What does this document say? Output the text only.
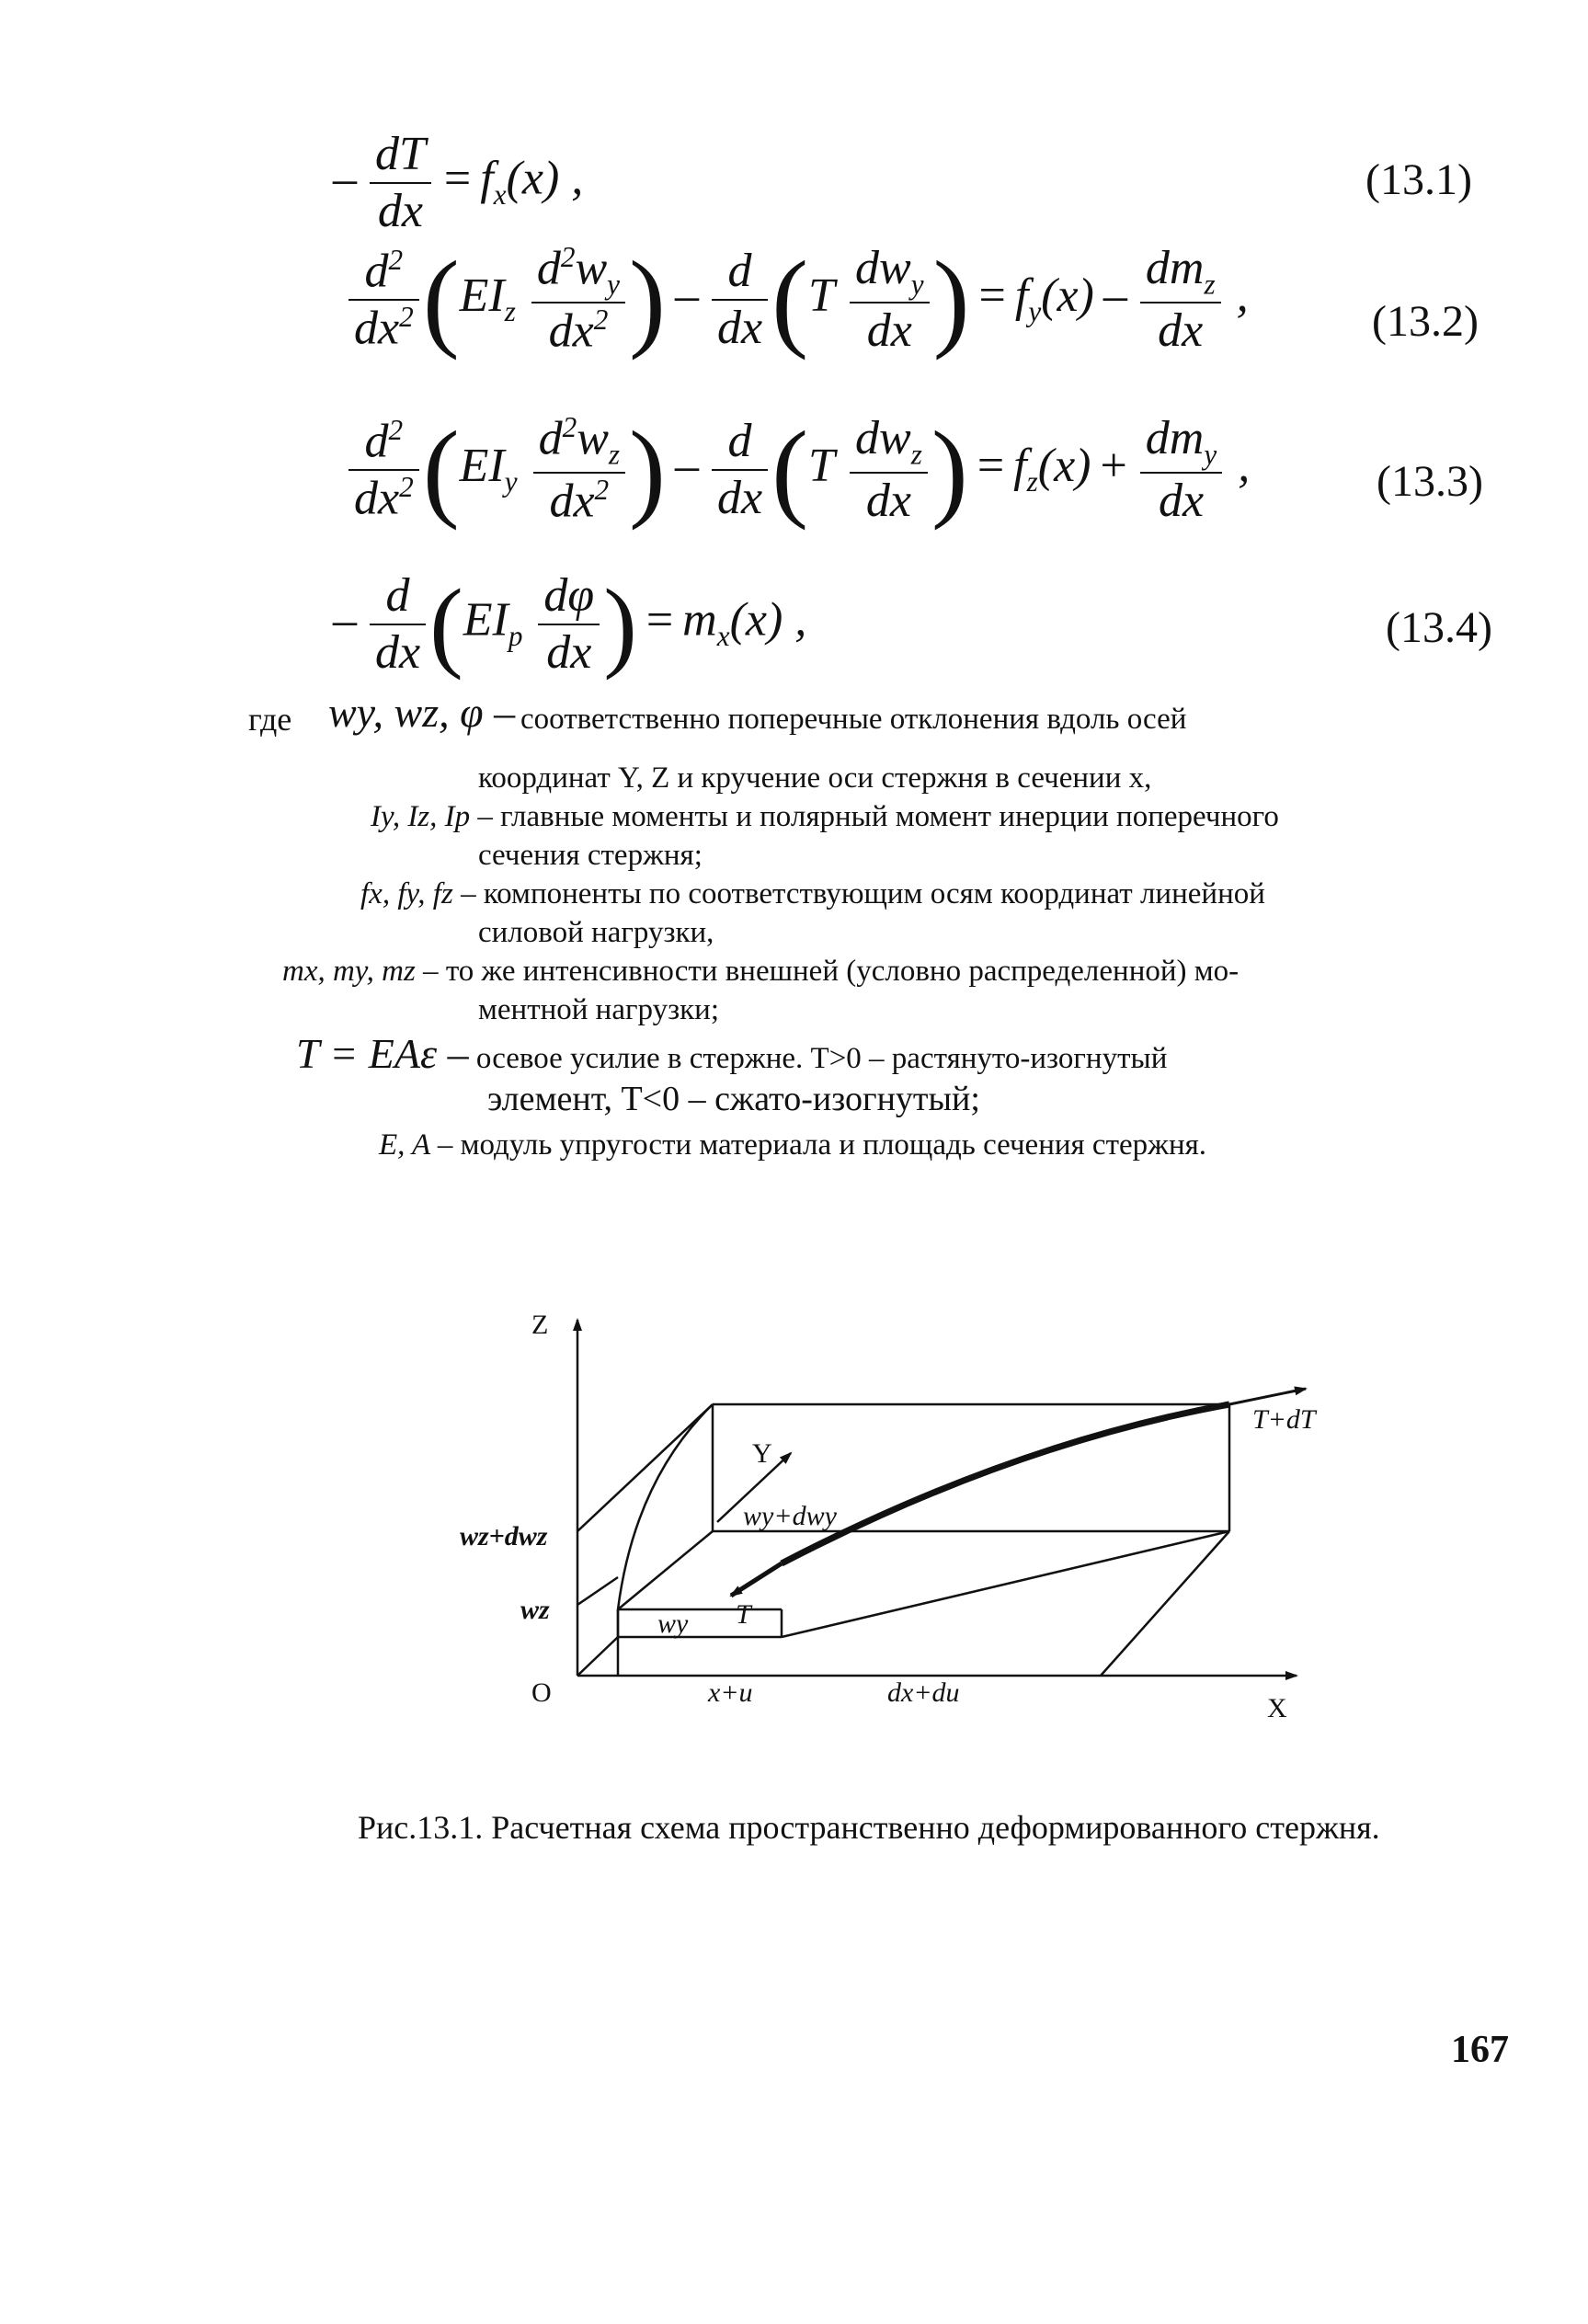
– $\frac{dT}{dx} = f_x(x)$ ,	(13.1)
$\frac{d^2}{dx^2} (EI_z \frac{d^2w_y}{dx^2}$ ) – $\frac{d}{dx} (T \frac{dw_y}{dx}$ ) = $f_y(x) - \frac{dm_z}{dx}$ ,	(13.2)
$\frac{d^2}{dx^2} (EI_y \frac{d^2w_z}{dx^2}$ ) – $\frac{d}{dx} (T \frac{dw_z}{dx}$ ) = $f_z(x) + \frac{dm_y}{dx}$ ,	(13.3)
– $\frac{d}{dx} (EI_p \frac{d\varphi}{dx}$ ) = $m_x(x)$ ,	(13.4)
где wy, wz, φ – соответственно поперечные отклонения вдоль осей
координат Y, Z и кручение оси стержня в сечении x,
Iy, Iz, Ip – главные моменты и полярный момент инерции поперечного
сечения стержня;
fx, fy, fz – компоненты по соответствующим осям координат линейной
силовой нагрузки,
mx, my, mz – то же интенсивности внешней (условно распределенной) мо-
ментной нагрузки;
T = EAε – осевое усилие в стержне. T>0 – растянуто-изогнутый
элемент, T<0 – сжато-изогнутый;
E, A – модуль упругости материала и площадь сечения стержня.
Z
X
Y
O
wz+dwz
wz	wy
wy+dwy
T
T+dT
x+u	dx+du
Рис.13.1. Расчетная схема пространственно деформированного стержня.
167
